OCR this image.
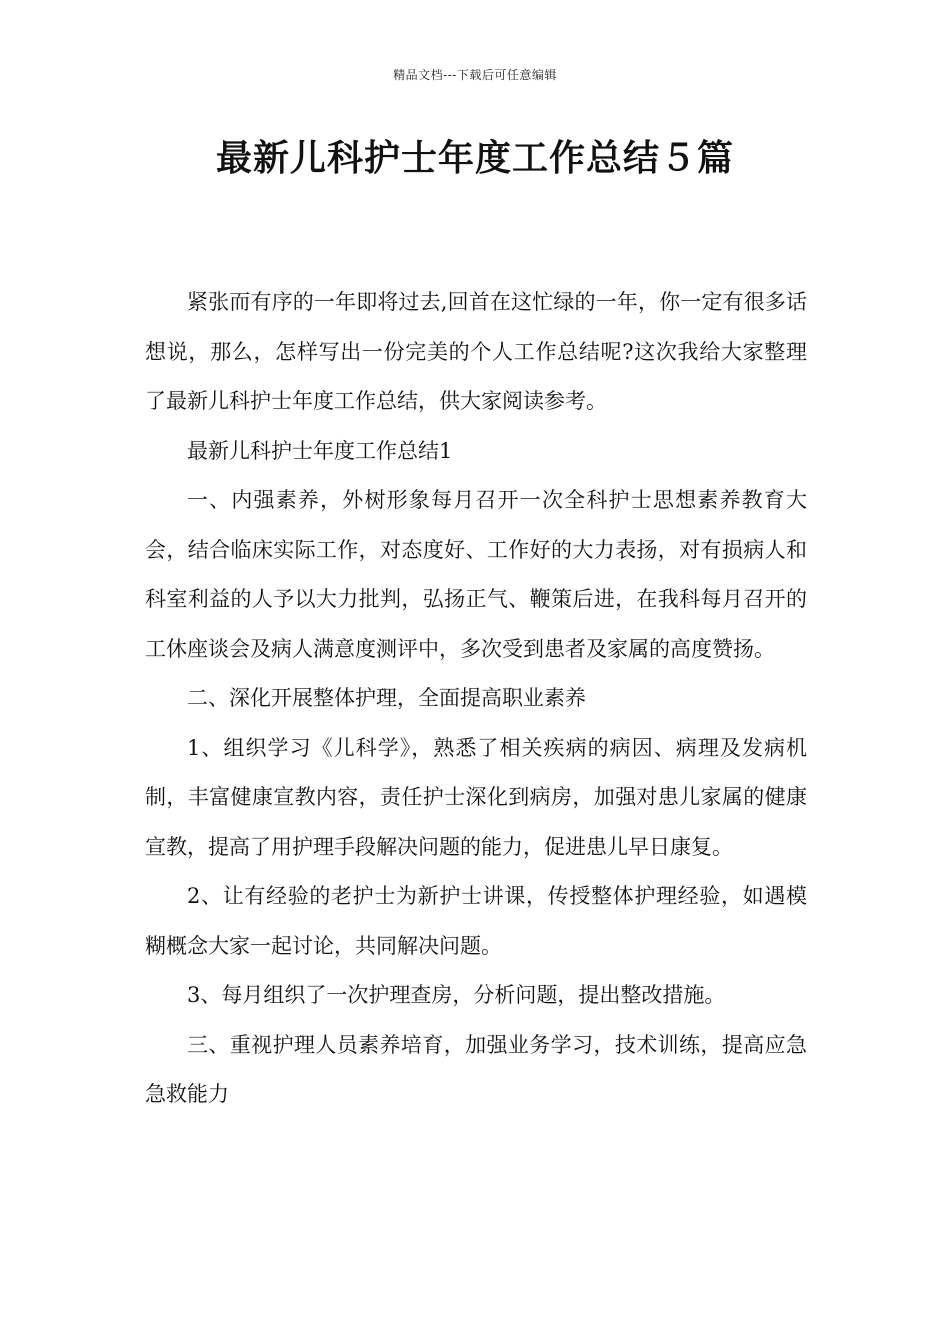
精品文档---下载后可任意编辑
最新儿科护士年度工作总结５篇

紧张而有序的一年即将过去,回首在这忙绿的一年，你一定有很多话想说，那么，怎样写出一份完美的个人工作总结呢?这次我给大家整理了最新儿科护士年度工作总结，供大家阅读参考。

最新儿科护士年度工作总结1

一、内强素养，外树形象每月召开一次全科护士思想素养教育大会，结合临床实际工作，对态度好、工作好的大力表扬，对有损病人和科室利益的人予以大力批判，弘扬正气、鞭策后进，在我科每月召开的工休座谈会及病人满意度测评中，多次受到患者及家属的高度赞扬。

二、深化开展整体护理，全面提高职业素养

1、组织学习《儿科学》，熟悉了相关疾病的病因、病理及发病机制，丰富健康宣教内容，责任护士深化到病房，加强对患儿家属的健康宣教，提高了用护理手段解决问题的能力，促进患儿早日康复。

2、让有经验的老护士为新护士讲课，传授整体护理经验，如遇模糊概念大家一起讨论，共同解决问题。

3、每月组织了一次护理查房，分析问题，提出整改措施。

三、重视护理人员素养培育，加强业务学习，技术训练，提高应急急救能力
